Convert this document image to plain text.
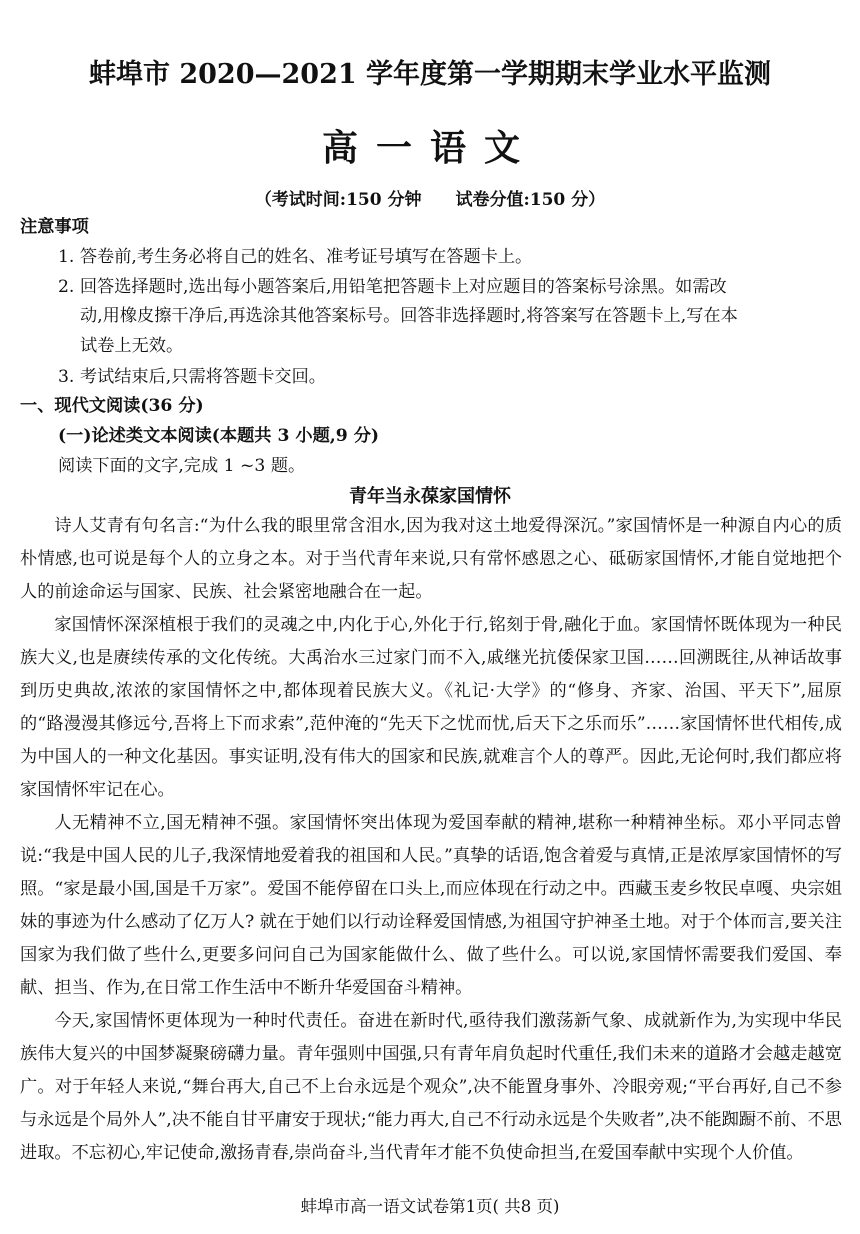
蚌埠市 2020—2021 学年度第一学期期末学业水平监测
高一语文
（考试时间:150 分钟　　试卷分值:150 分）
注意事项
1. 答卷前,考生务必将自己的姓名、准考证号填写在答题卡上。
2. 回答选择题时,选出每小题答案后,用铅笔把答题卡上对应题目的答案标号涂黑。如需改
动,用橡皮擦干净后,再选涂其他答案标号。回答非选择题时,将答案写在答题卡上,写在本
试卷上无效。
3. 考试结束后,只需将答题卡交回。
一、现代文阅读(36 分)
(一)论述类文本阅读(本题共 3 小题,9 分)
阅读下面的文字,完成 1 ~3 题。
青年当永葆家国情怀

诗人艾青有句名言:“为什么我的眼里常含泪水,因为我对这土地爱得深沉。”家国情怀是一种源自内心的质朴情感,也可说是每个人的立身之本。对于当代青年来说,只有常怀感恩之心、砥砺家国情怀,才能自觉地把个人的前途命运与国家、民族、社会紧密地融合在一起。

家国情怀深深植根于我们的灵魂之中,内化于心,外化于行,铭刻于骨,融化于血。家国情怀既体现为一种民族大义,也是赓续传承的文化传统。大禹治水三过家门而不入,戚继光抗倭保家卫国……回溯既往,从神话故事到历史典故,浓浓的家国情怀之中,都体现着民族大义。《礼记·大学》的“修身、齐家、治国、平天下”,屈原的“路漫漫其修远兮,吾将上下而求索”,范仲淹的“先天下之忧而忧,后天下之乐而乐”……家国情怀世代相传,成为中国人的一种文化基因。事实证明,没有伟大的国家和民族,就难言个人的尊严。因此,无论何时,我们都应将家国情怀牢记在心。

人无精神不立,国无精神不强。家国情怀突出体现为爱国奉献的精神,堪称一种精神坐标。邓小平同志曾说:“我是中国人民的儿子,我深情地爱着我的祖国和人民。”真挚的话语,饱含着爱与真情,正是浓厚家国情怀的写照。“家是最小国,国是千万家”。爱国不能停留在口头上,而应体现在行动之中。西藏玉麦乡牧民卓嘎、央宗姐妹的事迹为什么感动了亿万人? 就在于她们以行动诠释爱国情感,为祖国守护神圣土地。对于个体而言,要关注国家为我们做了些什么,更要多问问自己为国家能做什么、做了些什么。可以说,家国情怀需要我们爱国、奉献、担当、作为,在日常工作生活中不断升华爱国奋斗精神。

今天,家国情怀更体现为一种时代责任。奋进在新时代,亟待我们激荡新气象、成就新作为,为实现中华民族伟大复兴的中国梦凝聚磅礴力量。青年强则中国强,只有青年肩负起时代重任,我们未来的道路才会越走越宽广。对于年轻人来说,“舞台再大,自己不上台永远是个观众”,决不能置身事外、冷眼旁观;“平台再好,自己不参与永远是个局外人”,决不能自甘平庸安于现状;“能力再大,自己不行动永远是个失败者”,决不能踟蹰不前、不思进取。不忘初心,牢记使命,激扬青春,崇尚奋斗,当代青年才能不负使命担当,在爱国奉献中实现个人价值。

蚌埠市高一语文试卷第1页( 共8 页)
